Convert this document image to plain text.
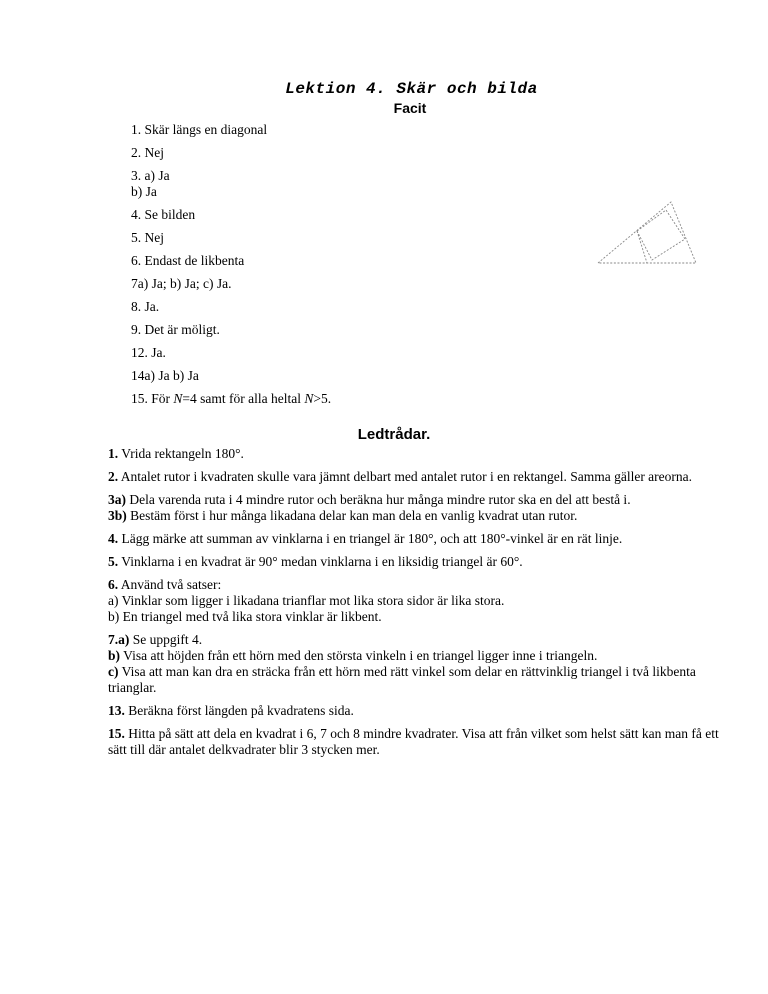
Lektion 4. Skär och bilda
Facit
1. Skär längs en diagonal
2. Nej
3. a) Ja
b) Ja
4. Se bilden
5. Nej
6. Endast de likbenta
7a) Ja; b) Ja; c) Ja.
8. Ja.
9. Det är möligt.
12. Ja.
14a) Ja b) Ja
15. För N=4 samt för alla heltal N>5.
Ledtrådar.
1. Vrida rektangeln 180°.
2. Antalet rutor i kvadraten skulle vara jämnt delbart med antalet rutor i en rektangel. Samma gäller areorna.
3a) Dela varenda ruta i 4 mindre rutor och beräkna hur många mindre rutor ska en del att bestå i.
3b) Bestäm först i hur många likadana delar kan man dela en vanlig kvadrat utan rutor.
4. Lägg märke att summan av vinklarna i en triangel är 180°, och att 180°-vinkel är en rät linje.
5. Vinklarna i en kvadrat är 90° medan vinklarna i en liksidig triangel är 60°.
6. Använd två satser:
a) Vinklar som ligger i likadana trianflar mot lika stora sidor är lika stora.
b) En triangel med två lika stora vinklar är likbent.
7.a) Se uppgift 4.
b) Visa att höjden från ett hörn med den största vinkeln i en triangel ligger inne i triangeln.
c) Visa att man kan dra en sträcka från ett hörn med rätt vinkel som delar en rättvinklig triangel i två likbenta trianglar.
13. Beräkna först längden på kvadratens sida.
15. Hitta på sätt att dela en kvadrat i 6, 7 och 8 mindre kvadrater. Visa att från vilket som helst sätt kan man få ett sätt till där antalet delkvadrater blir 3 stycken mer.
